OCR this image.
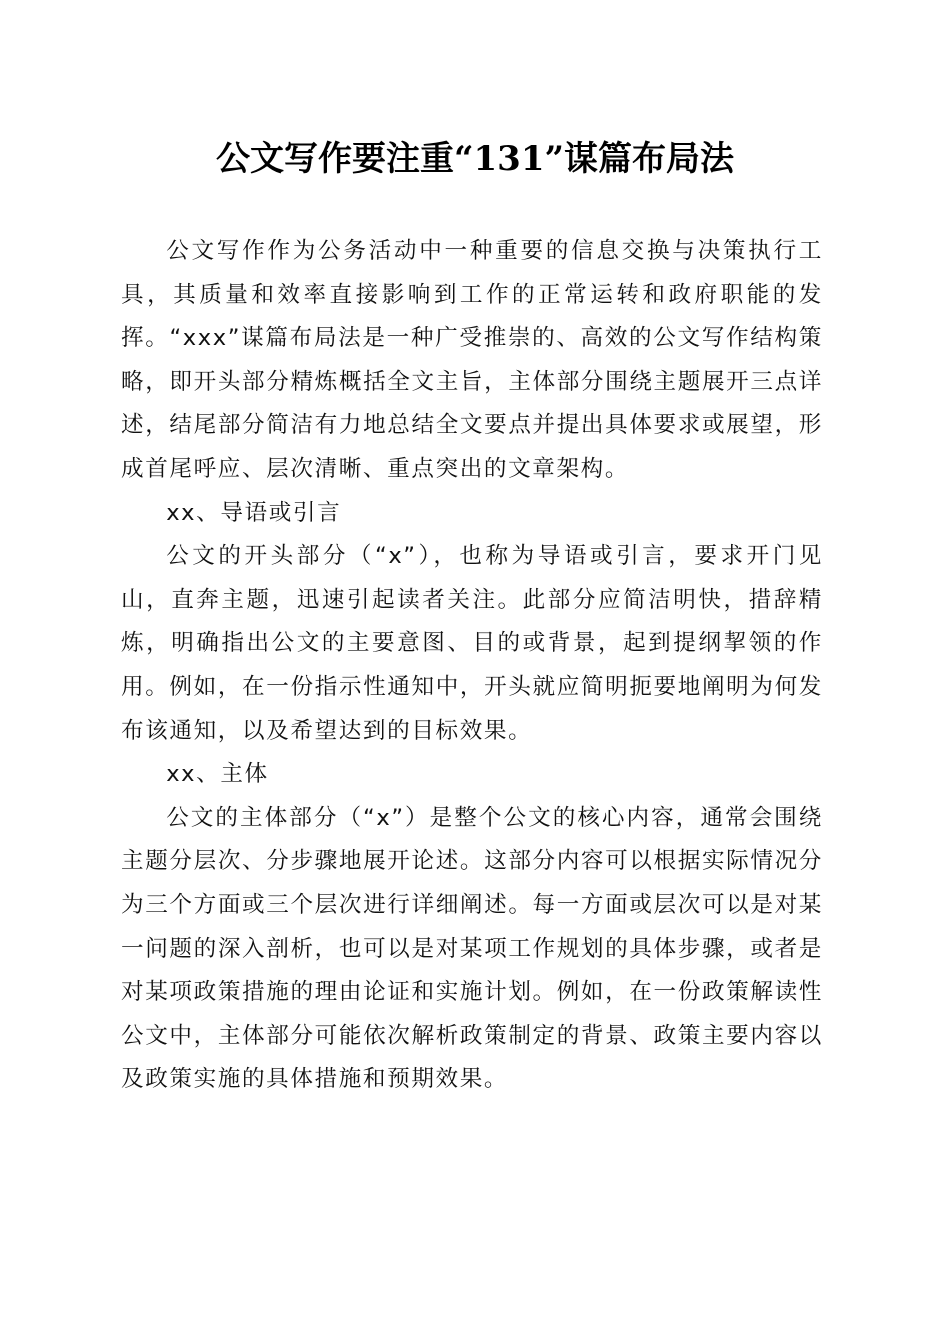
公文写作要注重“131”谋篇布局法

公文写作作为公务活动中一种重要的信息交换与决策执行工具，其质量和效率直接影响到工作的正常运转和政府职能的发挥。“xxx”谋篇布局法是一种广受推崇的、高效的公文写作结构策略，即开头部分精炼概括全文主旨，主体部分围绕主题展开三点详述，结尾部分简洁有力地总结全文要点并提出具体要求或展望，形成首尾呼应、层次清晰、重点突出的文章架构。

xx、导语或引言

公文的开头部分（“x”），也称为导语或引言，要求开门见山，直奔主题，迅速引起读者关注。此部分应简洁明快，措辞精炼，明确指出公文的主要意图、目的或背景，起到提纲挈领的作用。例如，在一份指示性通知中，开头就应简明扼要地阐明为何发布该通知，以及希望达到的目标效果。

xx、主体

公文的主体部分（“x”）是整个公文的核心内容，通常会围绕主题分层次、分步骤地展开论述。这部分内容可以根据实际情况分为三个方面或三个层次进行详细阐述。每一方面或层次可以是对某一问题的深入剖析，也可以是对某项工作规划的具体步骤，或者是对某项政策措施的理由论证和实施计划。例如，在一份政策解读性公文中，主体部分可能依次解析政策制定的背景、政策主要内容以及政策实施的具体措施和预期效果。
